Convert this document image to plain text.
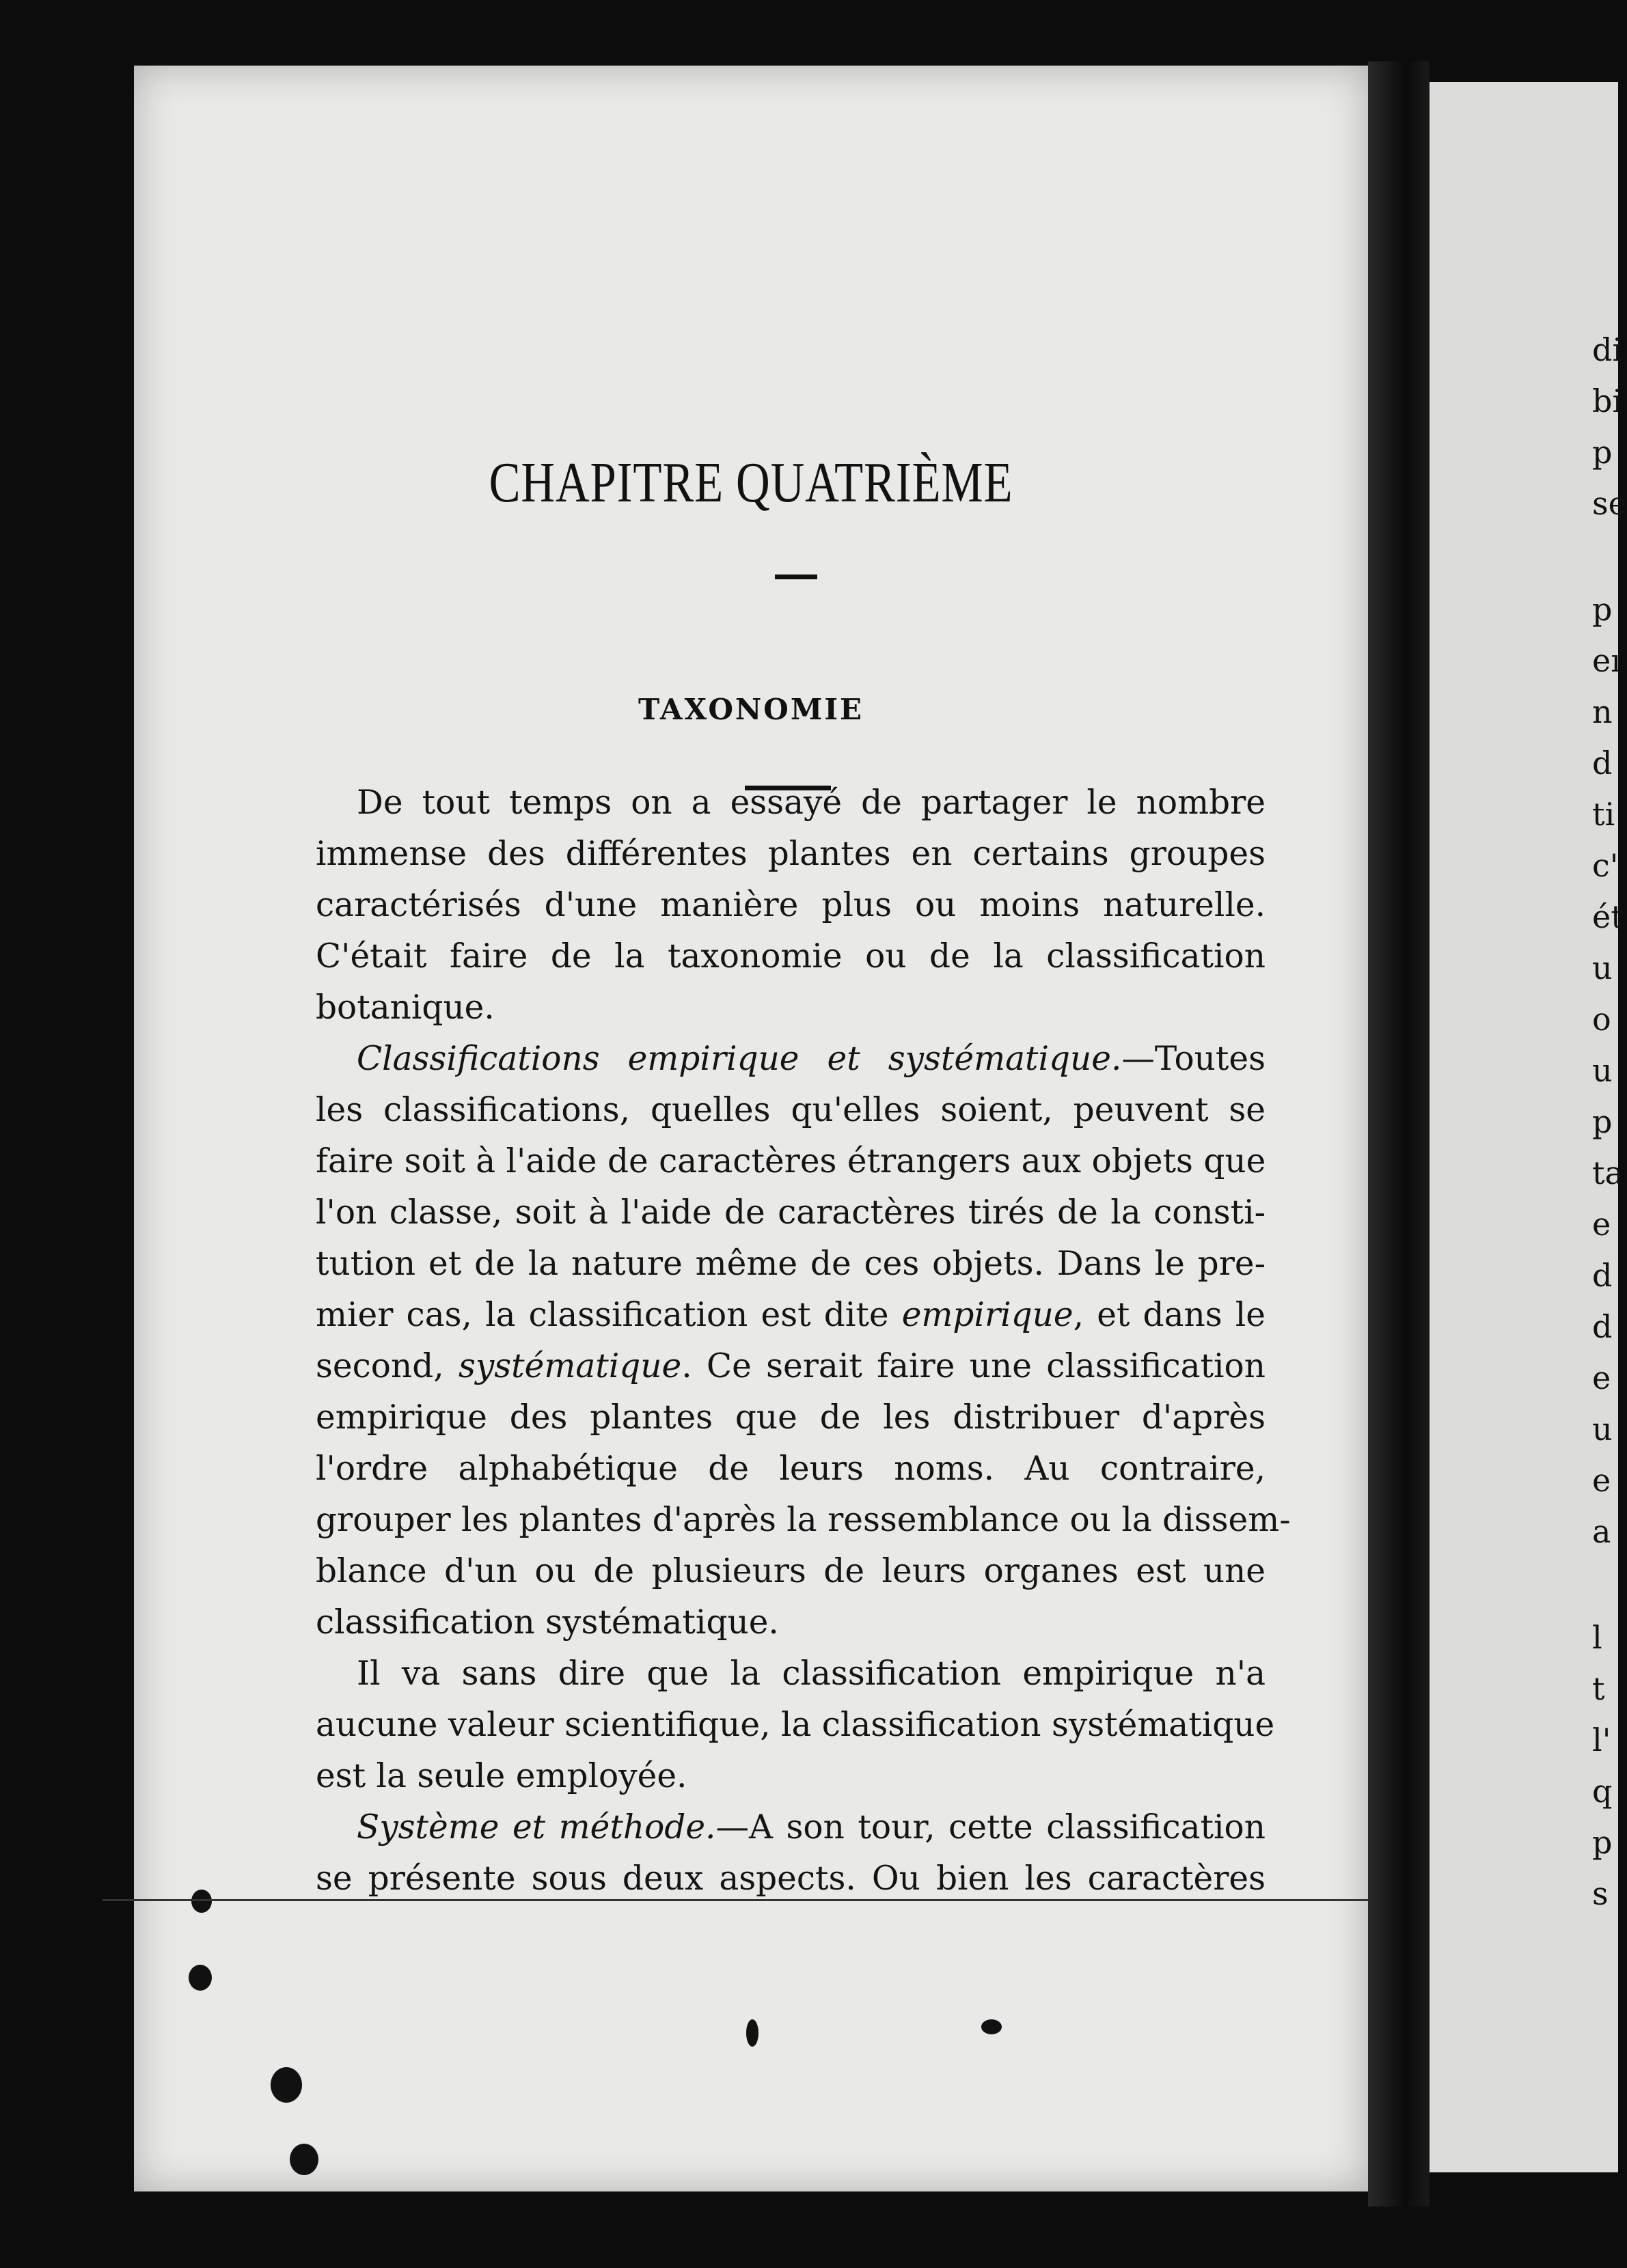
CHAPITRE QUATRIÈME
TAXONOMIE
De tout temps on a essayé de partager le nombre
immense des différentes plantes en certains groupes
caractérisés d'une manière plus ou moins naturelle.
C'était faire de la taxonomie ou de la classification
botanique.
Classifications empirique et systématique.—Toutes
les classifications, quelles qu'elles soient, peuvent se
faire soit à l'aide de caractères étrangers aux objets que
l'on classe, soit à l'aide de caractères tirés de la consti-
tution et de la nature même de ces objets. Dans le pre-
mier cas, la classification est dite empirique, et dans le
second, systématique. Ce serait faire une classification
empirique des plantes que de les distribuer d'après
l'ordre alphabétique de leurs noms. Au contraire,
grouper les plantes d'après la ressemblance ou la dissem-
blance d'un ou de plusieurs de leurs organes est une
classification systématique.
Il va sans dire que la classification empirique n'a
aucune valeur scientifique, la classification systématique
est la seule employée.
Système et méthode.—A son tour, cette classification
se présente sous deux aspects. Ou bien les caractères

di

bi

p

se

p

eı

n

d

ti

c'

ét

u

o

u

p

ta

e

d

d

e

u

e

a

l

t

l'

q

p

s
